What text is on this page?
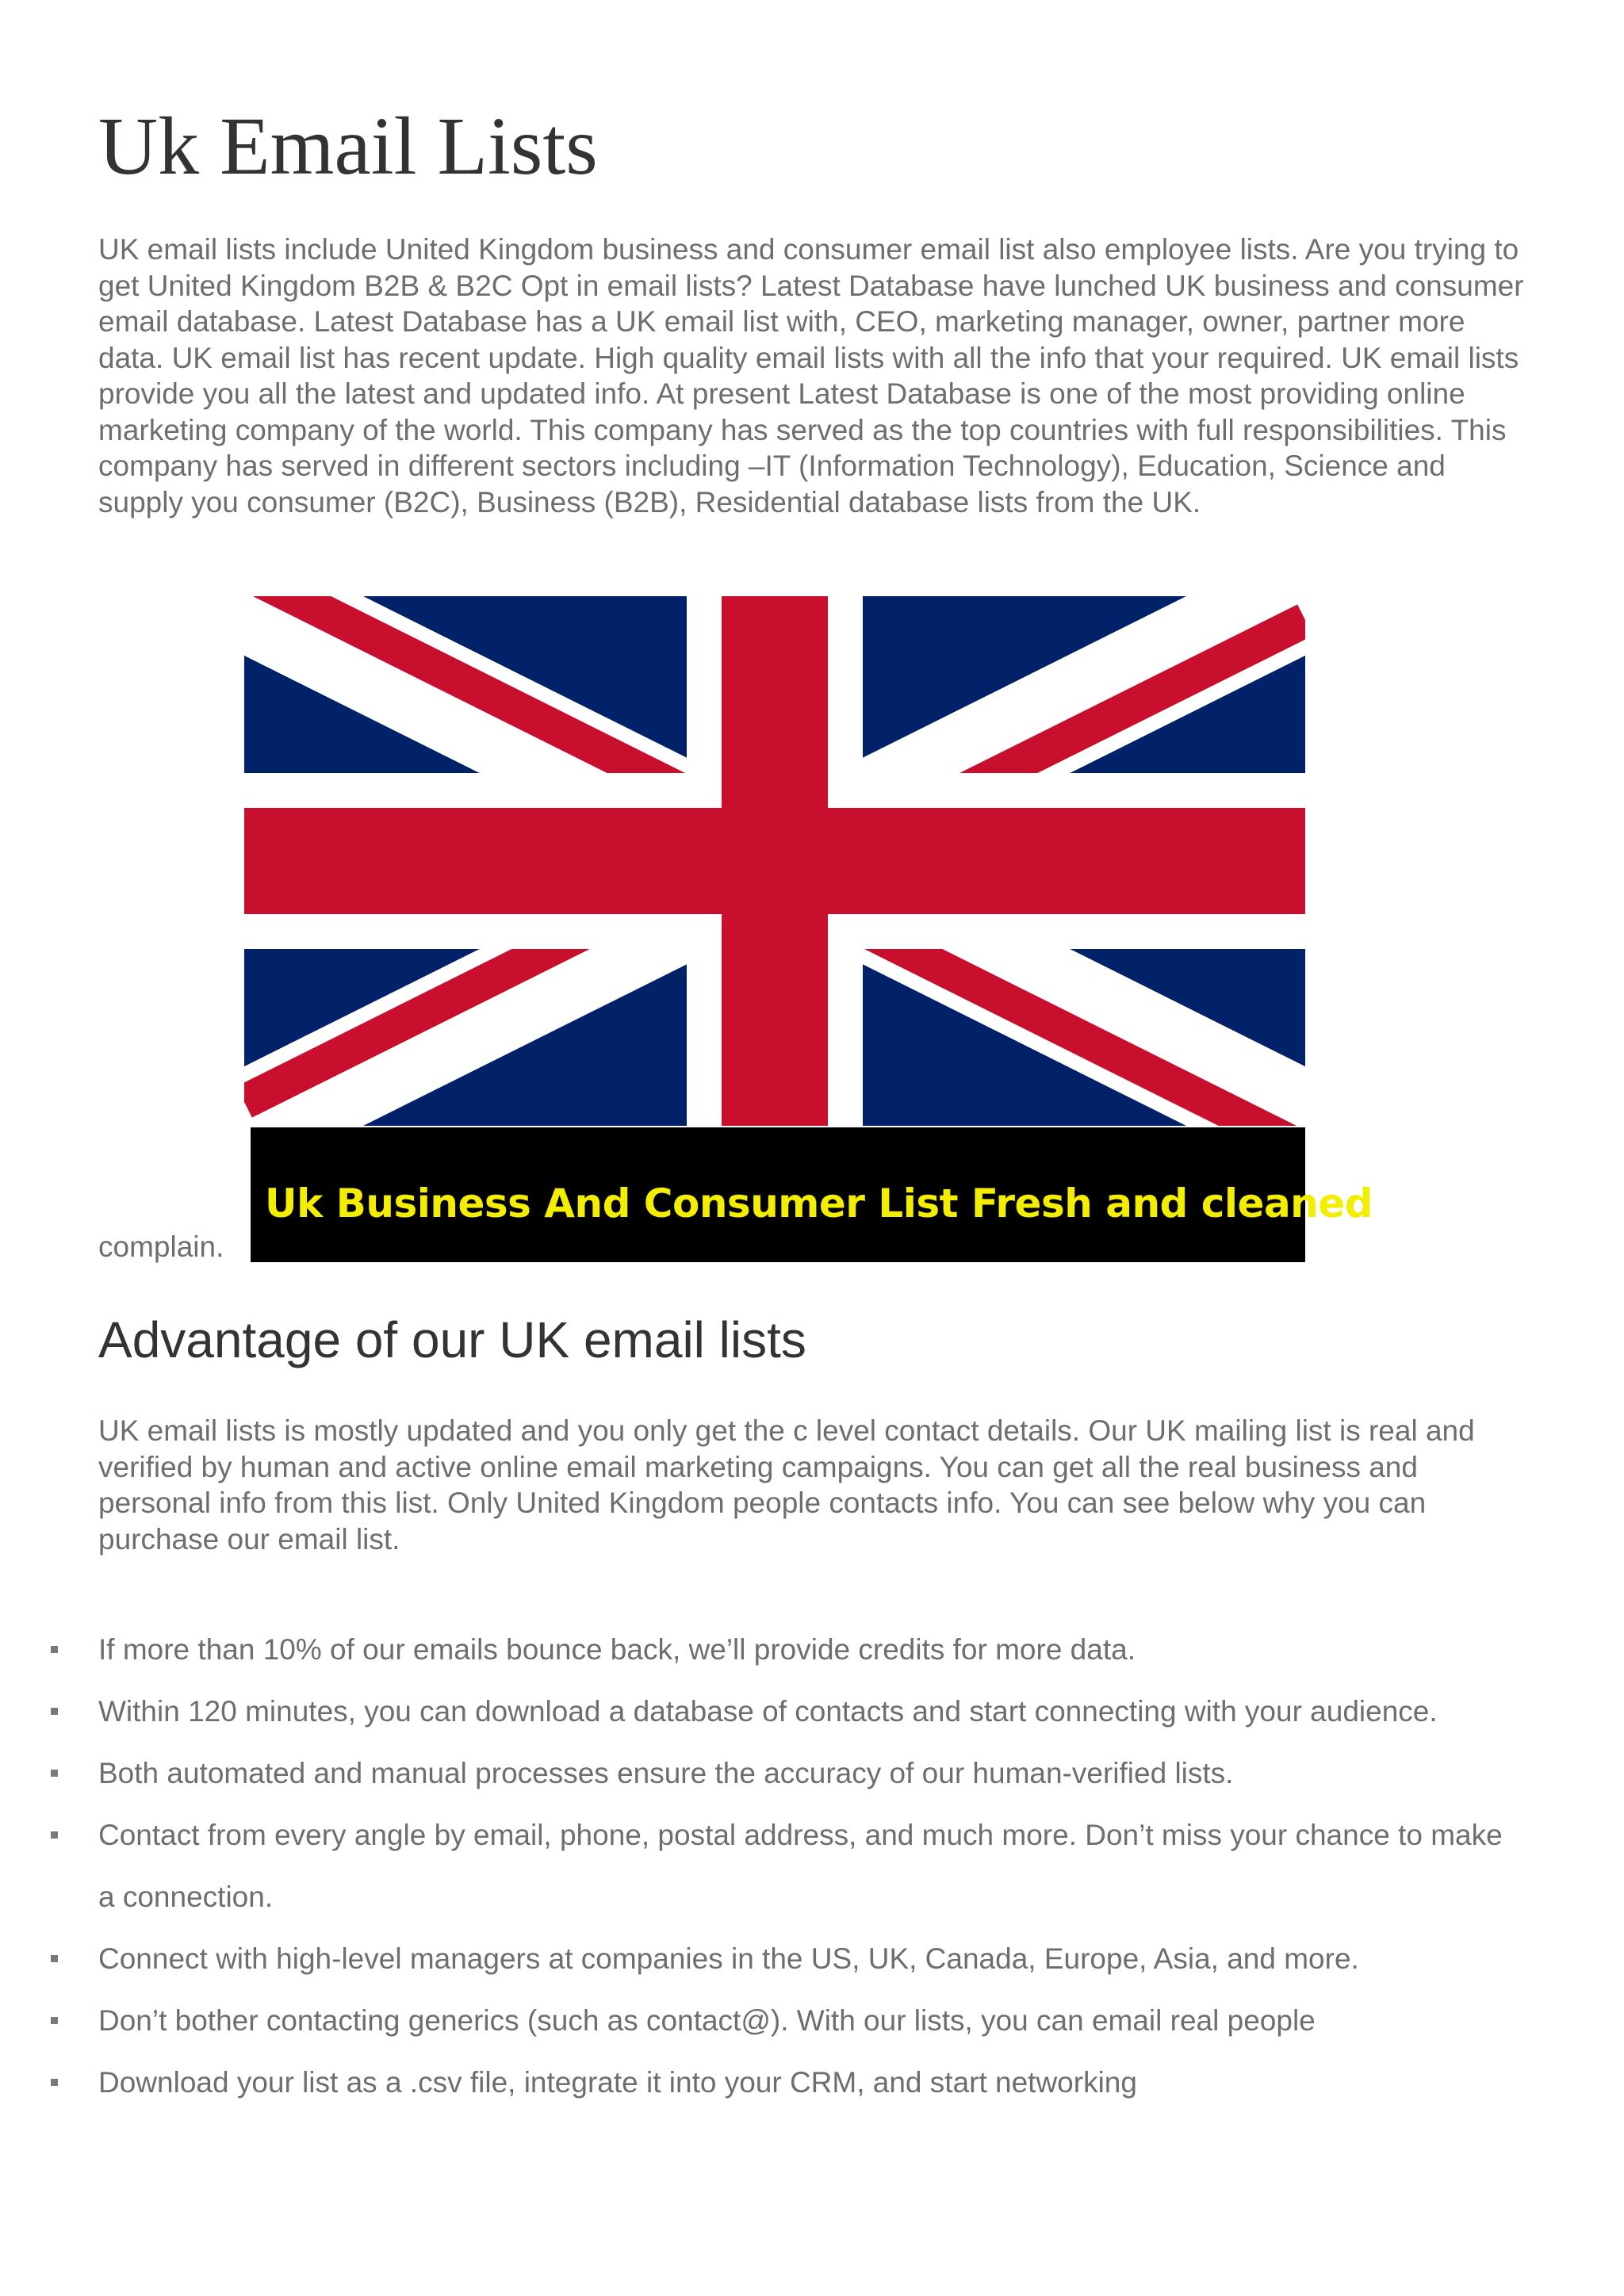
Uk Email Lists

UK email lists include United Kingdom business and consumer email list also employee lists. Are you trying to get United Kingdom B2B & B2C Opt in email lists? Latest Database have lunched UK business and consumer email database. Latest Database has a UK email list with, CEO, marketing manager, owner, partner more data. UK email list has recent update. High quality email lists with all the info that your required. UK email lists provide you all the latest and updated info. At present Latest Database is one of the most providing online marketing company of the world. This company has served as the top countries with full responsibilities. This company has served in different sectors including –IT (Information Technology), Education, Science and supply you consumer (B2C), Business (B2B), Residential database lists from the UK.

complain.
Uk Business And Consumer List Fresh and cleaned
Advantage of our UK email lists

UK email lists is mostly updated and you only get the c level contact details. Our UK mailing list is real and verified by human and active online email marketing campaigns. You can get all the real business and personal info from this list. Only United Kingdom people contacts info. You can see below why you can purchase our email list.

If more than 10% of our emails bounce back, we’ll provide credits for more data.
Within 120 minutes, you can download a database of contacts and start connecting with your audience.
Both automated and manual processes ensure the accuracy of our human-verified lists.
Contact from every angle by email, phone, postal address, and much more. Don’t miss your chance to make a connection.
Connect with high-level managers at companies in the US, UK, Canada, Europe, Asia, and more.
Don’t bother contacting generics (such as contact@). With our lists, you can email real people
Download your list as a .csv file, integrate it into your CRM, and start networking
